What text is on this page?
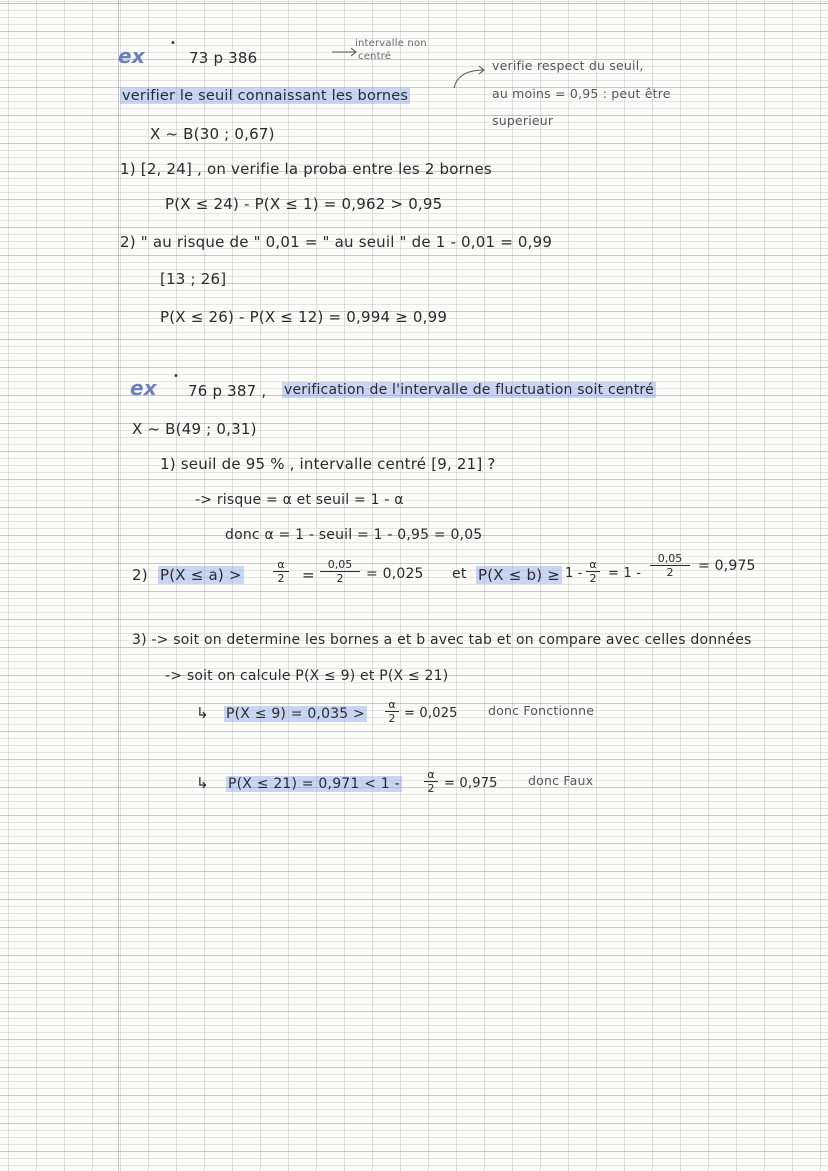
ex
•
73 p 386
intervalle non
centré
verifier le seuil connaissant les bornes
verifie respect du seuil,
au moins = 0,95 : peut être
superieur
X ~ B(30 ; 0,67)
1) [2, 24] , on verifie la proba entre les 2 bornes
P(X ≤ 24) - P(X ≤ 1) = 0,962 > 0,95
2) " au risque de " 0,01 = " au seuil " de 1 - 0,01 = 0,99
[13 ; 26]
P(X ≤ 26) - P(X ≤ 12) = 0,994 ≥ 0,99
ex •
76 p 387 , verification de l'intervalle de fluctuation soit centré
X ~ B(49 ; 0,31)
1) seuil de 95 % , intervalle centré [9, 21] ?
-> risque = α et seuil = 1 - α
donc α = 1 - seuil = 1 - 0,95 = 0,05
2) P(X ≤ a) >	$\frac{\alpha}{2} = \frac{0,05}{2} = 0,025$ et $P(X \le b) \ge 1 - \frac{\alpha}{2} = 1 - \frac{0,05}{2} = 0,975$
3) -> soit on determine les bornes a et b avec tab et on compare avec celles données
-> soit on calcule P(X ≤ 9) et P(X ≤ 21)
↳ $P(X \le 9) = 0,035 > \frac{\alpha}{2} = 0,025$ donc Fonctionne
↳ $P(X \le 21) = 0,971 < 1 - \frac{\alpha}{2} = 0,975$ donc Faux
